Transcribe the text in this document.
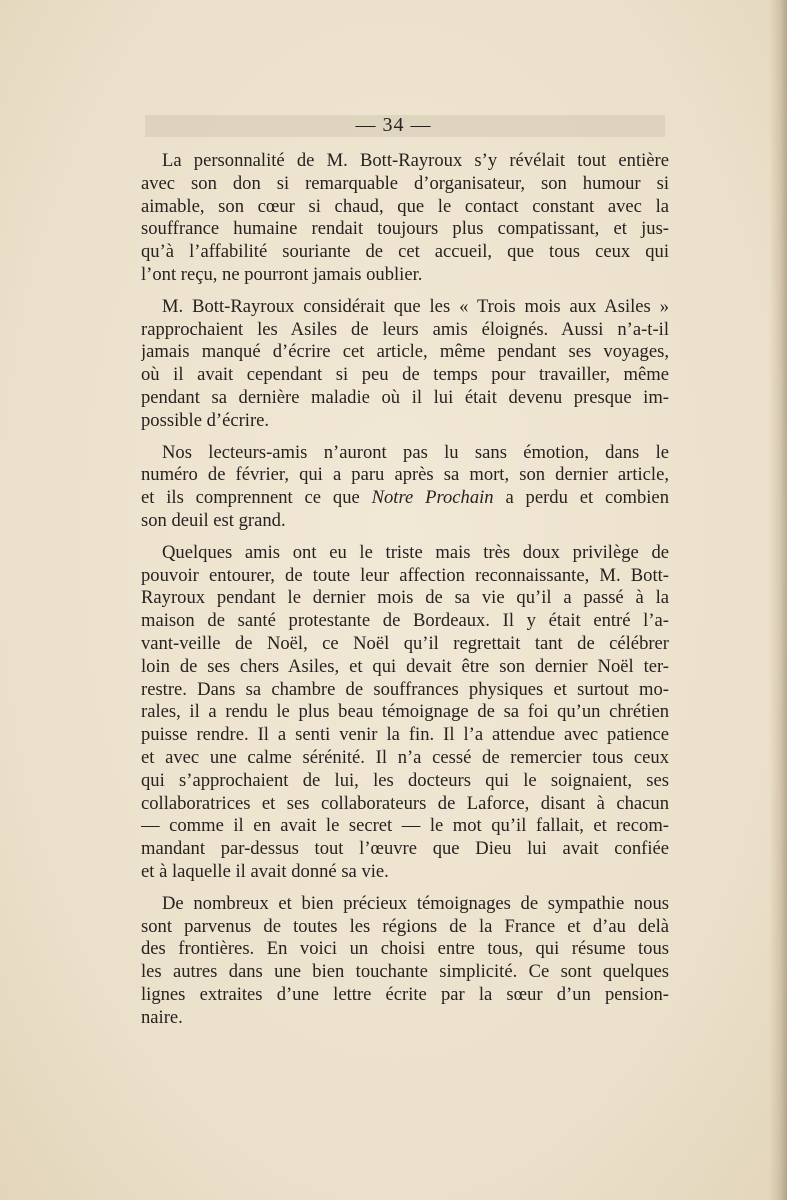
— 34 —

La personnalité de M. Bott-Rayroux s’y révélait tout entière
avec son don si remarquable d’organisateur, son humour si
aimable, son cœur si chaud, que le contact constant avec la
souffrance humaine rendait toujours plus compatissant, et jus-
qu’à l’affabilité souriante de cet accueil, que tous ceux qui
l’ont reçu, ne pourront jamais oublier.

M. Bott-Rayroux considérait que les « Trois mois aux Asiles »
rapprochaient les Asiles de leurs amis éloignés. Aussi n’a-t-il
jamais manqué d’écrire cet article, même pendant ses voyages,
où il avait cependant si peu de temps pour travailler, même
pendant sa dernière maladie où il lui était devenu presque im-
possible d’écrire.

Nos lecteurs-amis n’auront pas lu sans émotion, dans le
numéro de février, qui a paru après sa mort, son dernier article,
et ils comprennent ce que Notre Prochain a perdu et combien
son deuil est grand.

Quelques amis ont eu le triste mais très doux privilège de
pouvoir entourer, de toute leur affection reconnaissante, M. Bott-
Rayroux pendant le dernier mois de sa vie qu’il a passé à la
maison de santé protestante de Bordeaux. Il y était entré l’a-
vant-veille de Noël, ce Noël qu’il regrettait tant de célébrer
loin de ses chers Asiles, et qui devait être son dernier Noël ter-
restre. Dans sa chambre de souffrances physiques et surtout mo-
rales, il a rendu le plus beau témoignage de sa foi qu’un chrétien
puisse rendre. Il a senti venir la fin. Il l’a attendue avec patience
et avec une calme sérénité. Il n’a cessé de remercier tous ceux
qui s’approchaient de lui, les docteurs qui le soignaient, ses
collaboratrices et ses collaborateurs de Laforce, disant à chacun
— comme il en avait le secret — le mot qu’il fallait, et recom-
mandant par-dessus tout l’œuvre que Dieu lui avait confiée
et à laquelle il avait donné sa vie.

De nombreux et bien précieux témoignages de sympathie nous
sont parvenus de toutes les régions de la France et d’au delà
des frontières. En voici un choisi entre tous, qui résume tous
les autres dans une bien touchante simplicité. Ce sont quelques
lignes extraites d’une lettre écrite par la sœur d’un pension-
naire.
